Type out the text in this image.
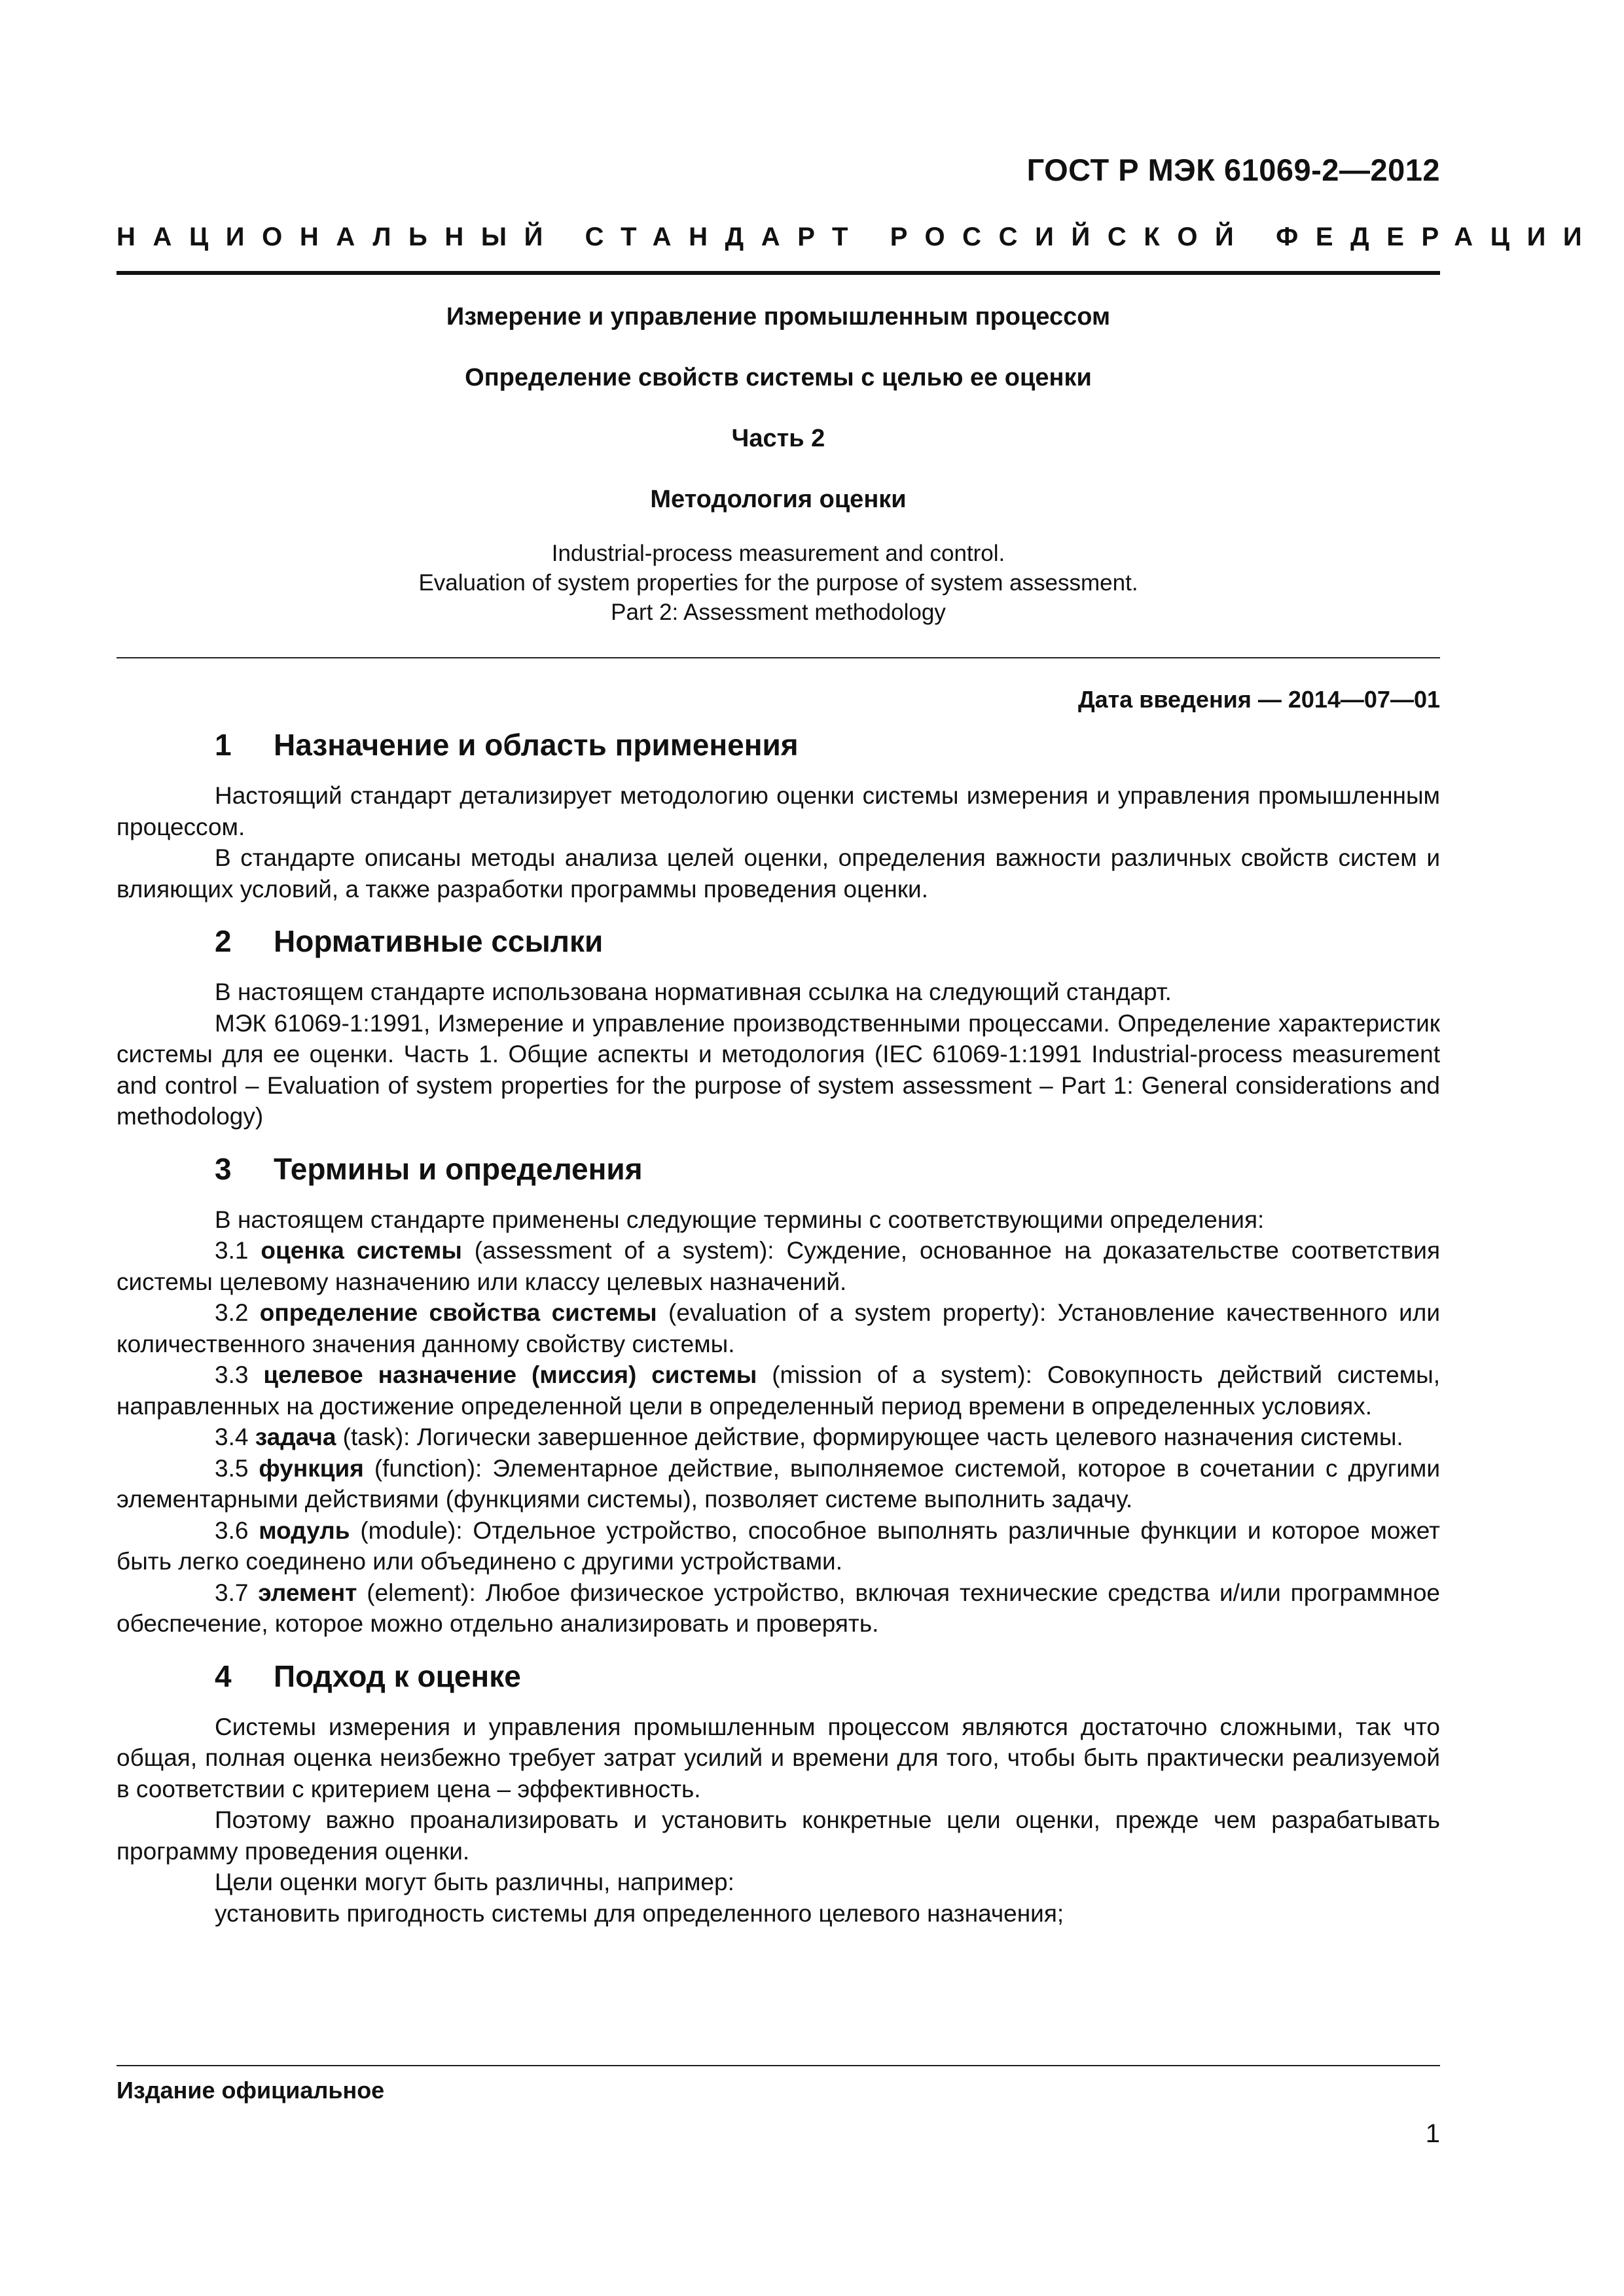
ГОСТ Р МЭК 61069-2—2012
НАЦИОНАЛЬНЫЙ СТАНДАРТ РОССИЙСКОЙ ФЕДЕРАЦИИ
Измерение и управление промышленным процессом
Определение свойств системы с целью ее оценки
Часть 2
Методология оценки
Industrial-process measurement and control.
Evaluation of system properties for the purpose of system assessment.
Part 2: Assessment methodology
Дата введения — 2014—07—01
1 Назначение и область применения

Настоящий стандарт детализирует методологию оценки системы измерения и управления промышленным процессом.

В стандарте описаны методы анализа целей оценки, определения важности различных свойств систем и влияющих условий, а также разработки программы проведения оценки.

2 Нормативные ссылки

В настоящем стандарте использована нормативная ссылка на следующий стандарт.

МЭК 61069-1:1991, Измерение и управление производственными процессами. Определение характеристик системы для ее оценки. Часть 1. Общие аспекты и методология (IEC 61069-1:1991 Industrial-process measurement and control – Evaluation of system properties for the purpose of system assessment – Part 1: General considerations and methodology)

3 Термины и определения

В настоящем стандарте применены следующие термины с соответствующими определения:

3.1 оценка системы (assessment of a system): Суждение, основанное на доказательстве соответствия системы целевому назначению или классу целевых назначений.

3.2 определение свойства системы (evaluation of a system property): Установление качественного или количественного значения данному свойству системы.

3.3 целевое назначение (миссия) системы (mission of a system): Совокупность действий системы, направленных на достижение определенной цели в определенный период времени в определенных условиях.

3.4 задача (task): Логически завершенное действие, формирующее часть целевого назначения системы.

3.5 функция (function): Элементарное действие, выполняемое системой, которое в сочетании с другими элементарными действиями (функциями системы), позволяет системе выполнить задачу.

3.6 модуль (module): Отдельное устройство, способное выполнять различные функции и которое может быть легко соединено или объединено с другими устройствами.

3.7 элемент (element): Любое физическое устройство, включая технические средства и/или программное обеспечение, которое можно отдельно анализировать и проверять.

4 Подход к оценке

Системы измерения и управления промышленным процессом являются достаточно сложными, так что общая, полная оценка неизбежно требует затрат усилий и времени для того, чтобы быть практически реализуемой в соответствии с критерием цена – эффективность.

Поэтому важно проанализировать и установить конкретные цели оценки, прежде чем разрабатывать программу проведения оценки.

Цели оценки могут быть различны, например:

установить пригодность системы для определенного целевого назначения;

Издание официальное
1
